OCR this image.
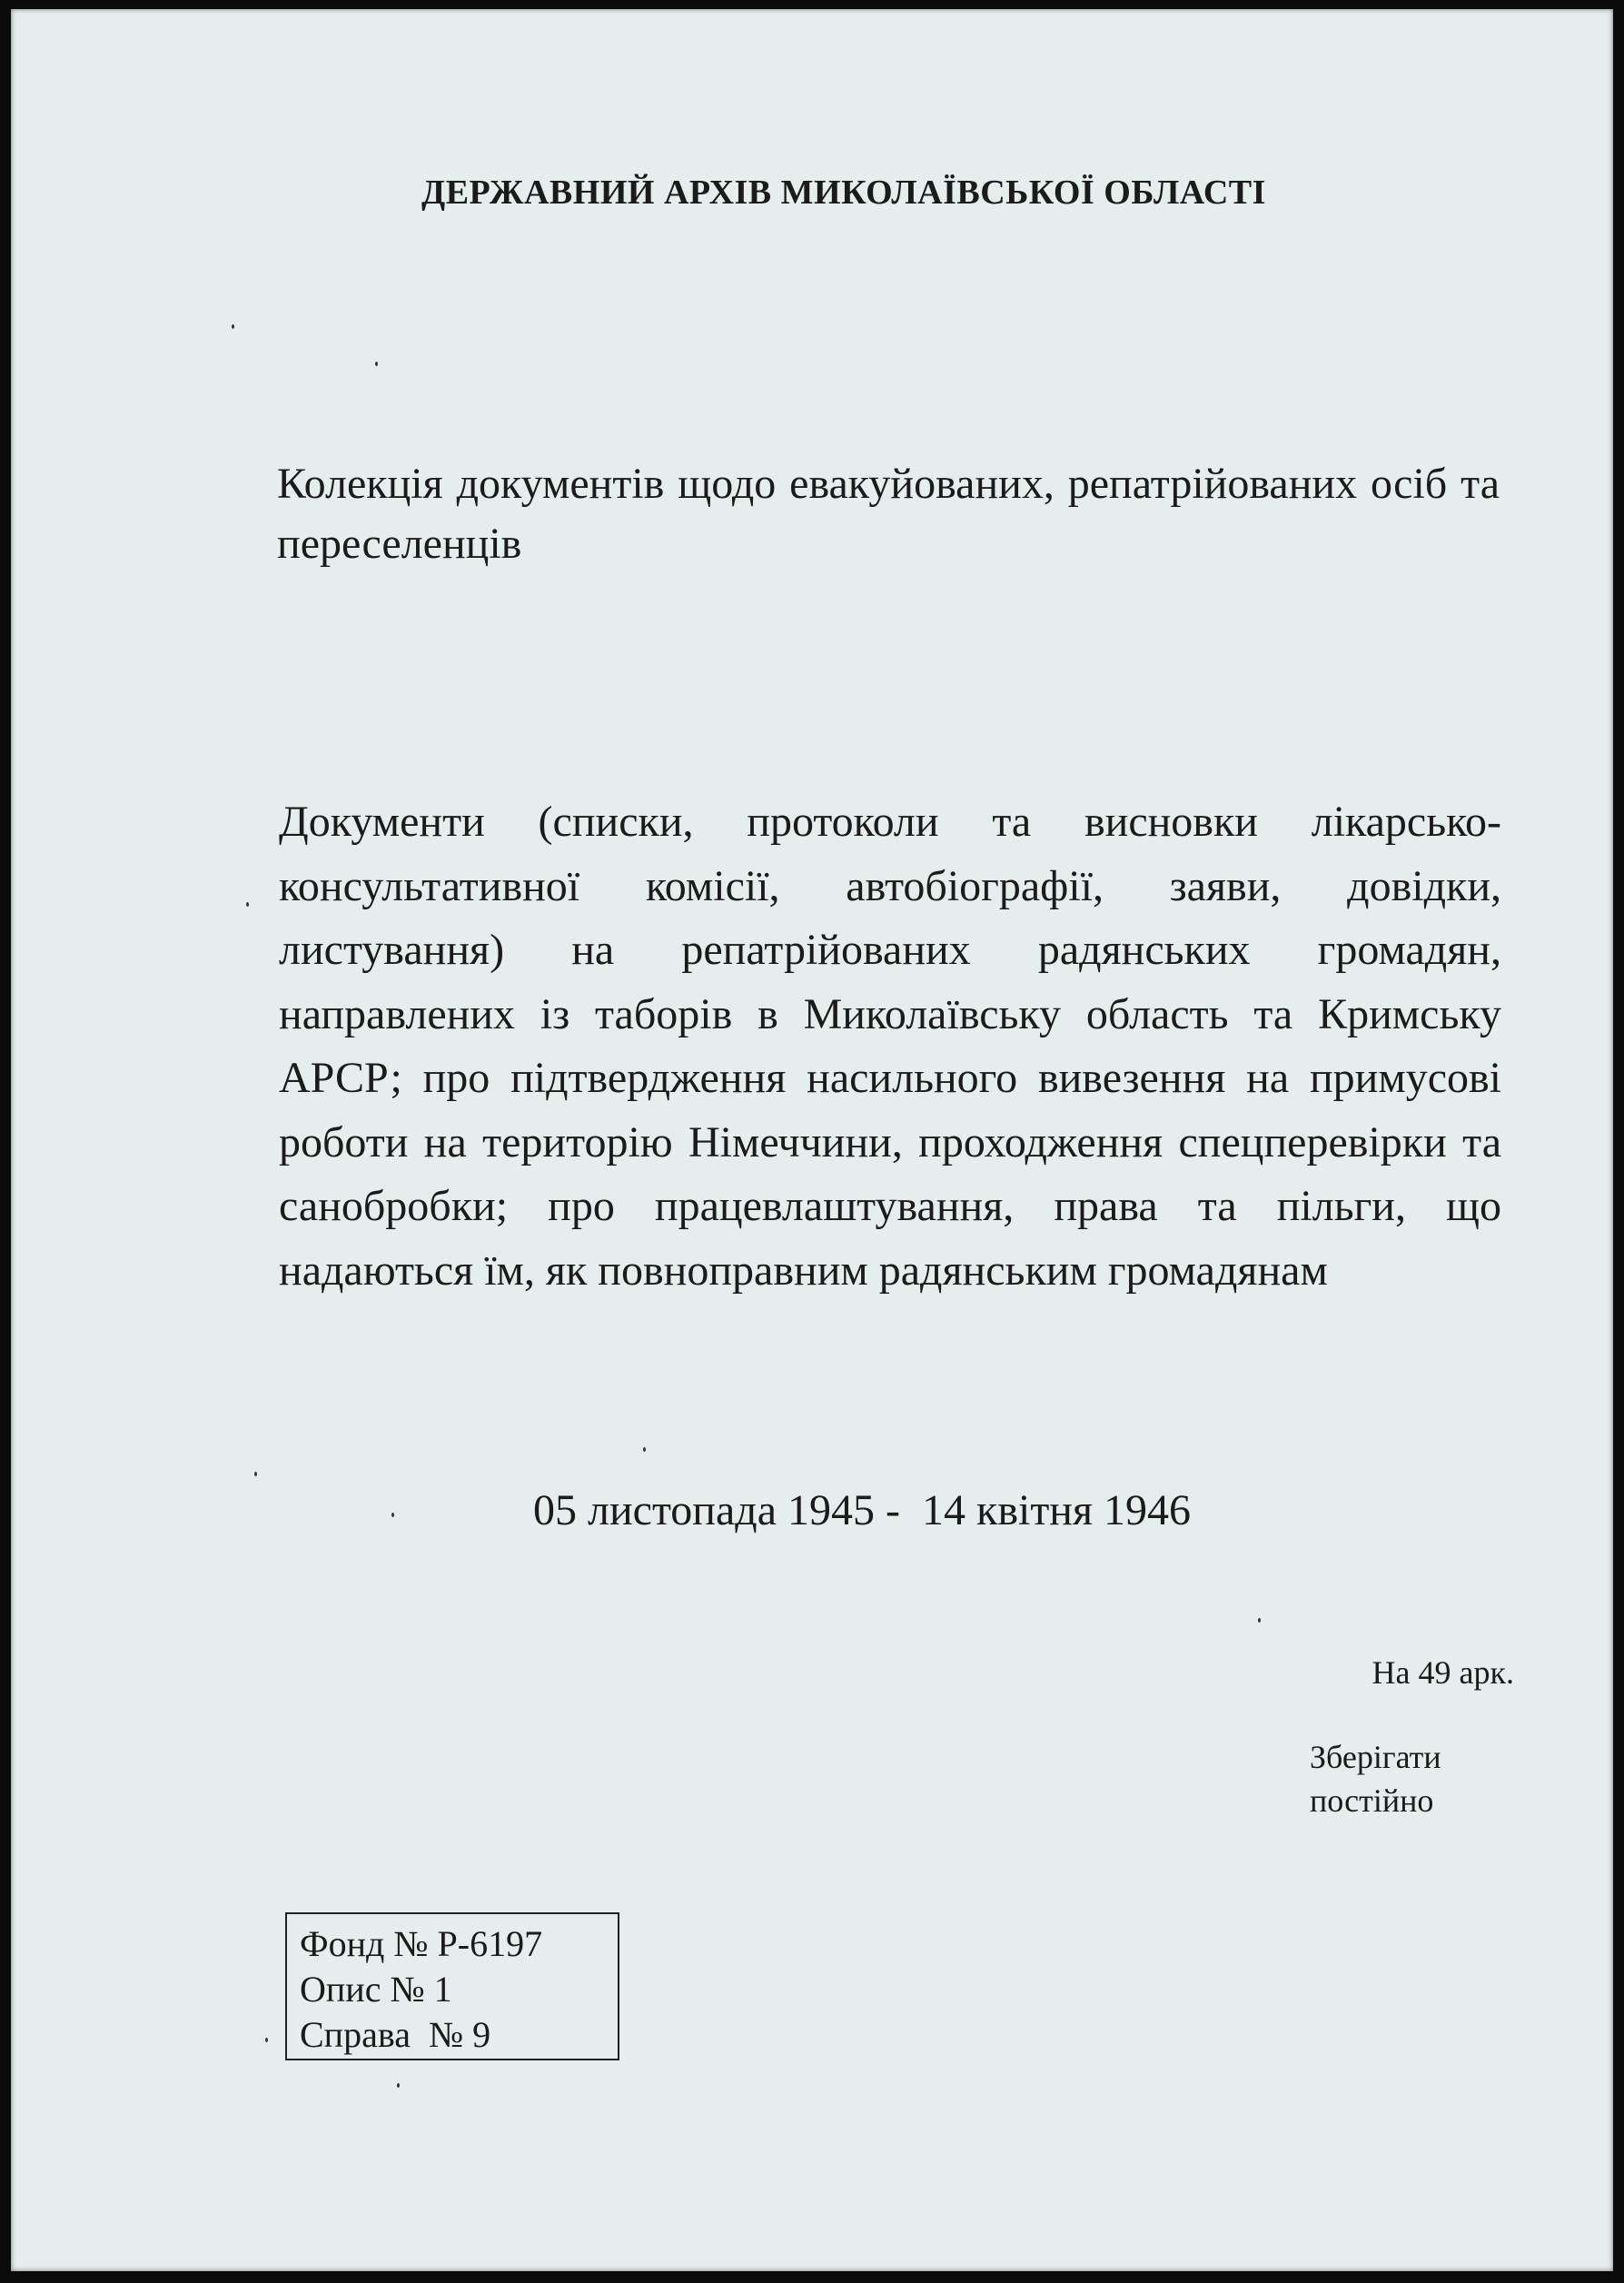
ДЕРЖАВНИЙ АРХІВ МИКОЛАЇВСЬКОЇ ОБЛАСТІ
Колекція документів щодо евакуйованих, репатрійованих осіб та переселенців
Документи (списки, протоколи та висновки лікарсько-консультативної комісії, автобіографії, заяви, довідки, листування) на репатрійованих радянських громадян, направлених із таборів в Миколаївську область та Кримську АРСР; про підтвердження насильного вивезення на примусові роботи на територію Німеччини, проходження спецперевірки та санобробки; про працевлаштування, права та пільги, що надаються їм, як повноправним радянським громадянам
05 листопада 1945 -  14 квітня 1946
На 49 арк.
Зберігати
постійно
Фонд № Р-6197
Опис № 1
Справа  № 9
